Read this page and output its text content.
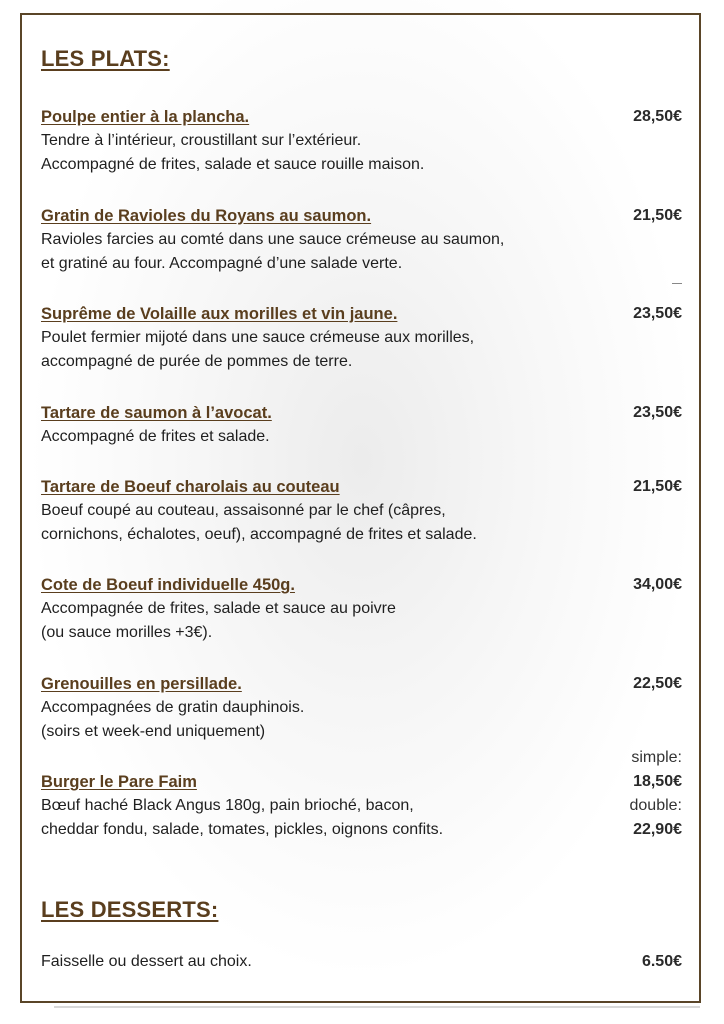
LES PLATS:
Poulpe entier à la plancha.
Tendre à l’intérieur, croustillant sur l’extérieur.
Accompagné de frites, salade et sauce rouille maison.
28,50€
Gratin de Ravioles du Royans au saumon.
Ravioles farcies au comté dans une sauce crémeuse au saumon,
et gratiné au four. Accompagné d’une salade verte.
21,50€
Suprême de Volaille aux morilles et vin jaune.
Poulet fermier mijoté dans une sauce crémeuse aux morilles,
accompagné de purée de pommes de terre.
23,50€
Tartare de saumon à l’avocat.
Accompagné de frites et salade.
23,50€
Tartare de Boeuf charolais au couteau
Boeuf coupé au couteau, assaisonné par le chef (câpres,
cornichons, échalotes, oeuf), accompagné de frites et salade.
21,50€
Cote de Boeuf individuelle 450g.
Accompagnée de frites, salade et sauce au poivre
(ou sauce morilles +3€).
34,00€
Grenouilles en persillade.
Accompagnées de gratin dauphinois.
(soirs et week-end uniquement)
22,50€
Burger le Pare Faim
Bœuf haché Black Angus 180g, pain brioché, bacon,
cheddar fondu, salade, tomates, pickles, oignons confits.
simple:
18,50€
double:
22,90€
LES DESSERTS:
Faisselle ou dessert au choix.	6.50€
